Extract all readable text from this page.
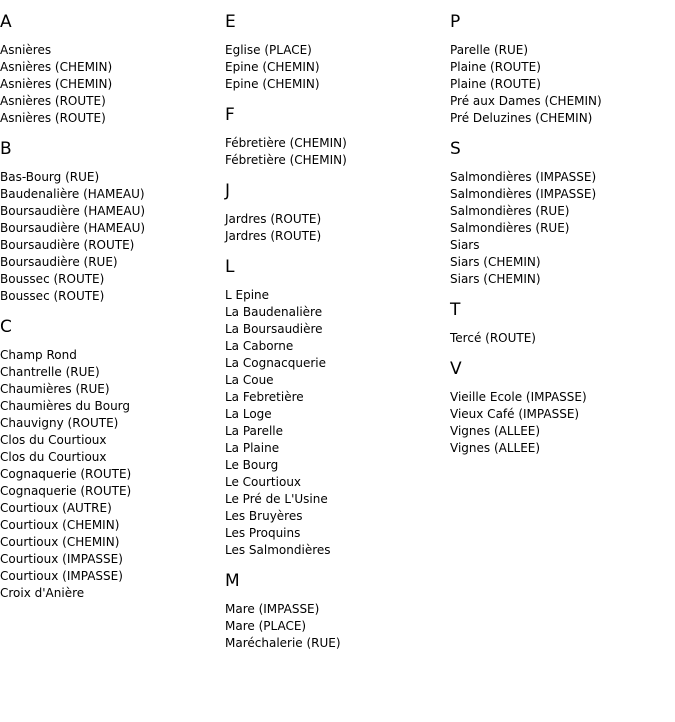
A
Asnières
Asnières (CHEMIN)
Asnières (CHEMIN)
Asnières (ROUTE)
Asnières (ROUTE)
B
Bas-Bourg (RUE)
Baudenalière (HAMEAU)
Boursaudière (HAMEAU)
Boursaudière (HAMEAU)
Boursaudière (ROUTE)
Boursaudière (RUE)
Boussec (ROUTE)
Boussec (ROUTE)
C
Champ Rond
Chantrelle (RUE)
Chaumières (RUE)
Chaumières du Bourg
Chauvigny (ROUTE)
Clos du Courtioux
Clos du Courtioux
Cognaquerie (ROUTE)
Cognaquerie (ROUTE)
Courtioux (AUTRE)
Courtioux (CHEMIN)
Courtioux (CHEMIN)
Courtioux (IMPASSE)
Courtioux (IMPASSE)
Croix d'Anière
E
Eglise (PLACE)
Epine (CHEMIN)
Epine (CHEMIN)
F
Fébretière (CHEMIN)
Fébretière (CHEMIN)
J
Jardres (ROUTE)
Jardres (ROUTE)
L
L Epine
La Baudenalière
La Boursaudière
La Caborne
La Cognacquerie
La Coue
La Febretière
La Loge
La Parelle
La Plaine
Le Bourg
Le Courtioux
Le Pré de L'Usine
Les Bruyères
Les Proquins
Les Salmondières
M
Mare (IMPASSE)
Mare (PLACE)
Maréchalerie (RUE)
P
Parelle (RUE)
Plaine (ROUTE)
Plaine (ROUTE)
Pré aux Dames (CHEMIN)
Pré Deluzines (CHEMIN)
S
Salmondières (IMPASSE)
Salmondières (IMPASSE)
Salmondières (RUE)
Salmondières (RUE)
Siars
Siars (CHEMIN)
Siars (CHEMIN)
T
Tercé (ROUTE)
V
Vieille Ecole (IMPASSE)
Vieux Café (IMPASSE)
Vignes (ALLEE)
Vignes (ALLEE)
